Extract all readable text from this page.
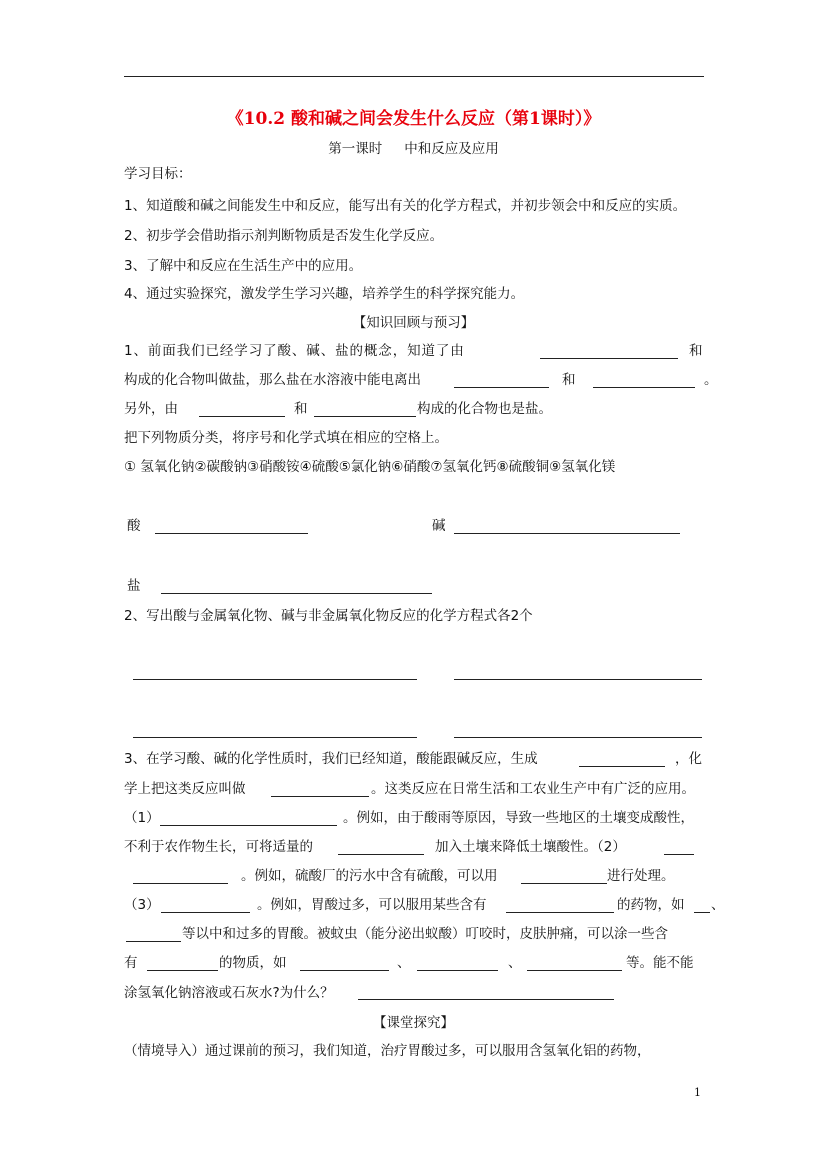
《10.2 酸和碱之间会发生什么反应（第1课时）》
第一课时 中和反应及应用
学习目标：
1、知道酸和碱之间能发生中和反应，能写出有关的化学方程式，并初步领会中和反应的实质。
2、初步学会借助指示剂判断物质是否发生化学反应。
3、了解中和反应在生活生产中的应用。
4、通过实验探究，激发学生学习兴趣，培养学生的科学探究能力。
【知识回顾与预习】
1、前面我们已经学习了酸、碱、盐的概念，知道了由	和
构成的化合物叫做盐，那么盐在水溶液中能电离出	和	。
另外，由	和	构成的化合物也是盐。
把下列物质分类，将序号和化学式填在相应的空格上。
① 氢氧化钠②碳酸钠③硝酸铵④硫酸⑤氯化钠⑥硝酸⑦氢氧化钙⑧硫酸铜⑨氢氧化镁
酸	碱
盐
2、写出酸与金属氧化物、碱与非金属氧化物反应的化学方程式各2个
3、在学习酸、碱的化学性质时，我们已经知道，酸能跟碱反应，生成	，化
学上把这类反应叫做	。这类反应在日常生活和工农业生产中有广泛的应用。
（1）	。例如，由于酸雨等原因，导致一些地区的土壤变成酸性，
不利于农作物生长，可将适量的	加入土壤来降低土壤酸性。（2）
。例如，硫酸厂的污水中含有硫酸，可以用	进行处理。
（3）	。例如，胃酸过多，可以服用某些含有	的药物，如 、
等以中和过多的胃酸。被蚊虫（能分泌出蚁酸）叮咬时，皮肤肿痛，可以涂一些含
有	的物质，如	、	、	等。能不能
涂氢氧化钠溶液或石灰水?为什么？
【课堂探究】
（情境导入）通过课前的预习，我们知道，治疗胃酸过多，可以服用含氢氧化铝的药物，
1
